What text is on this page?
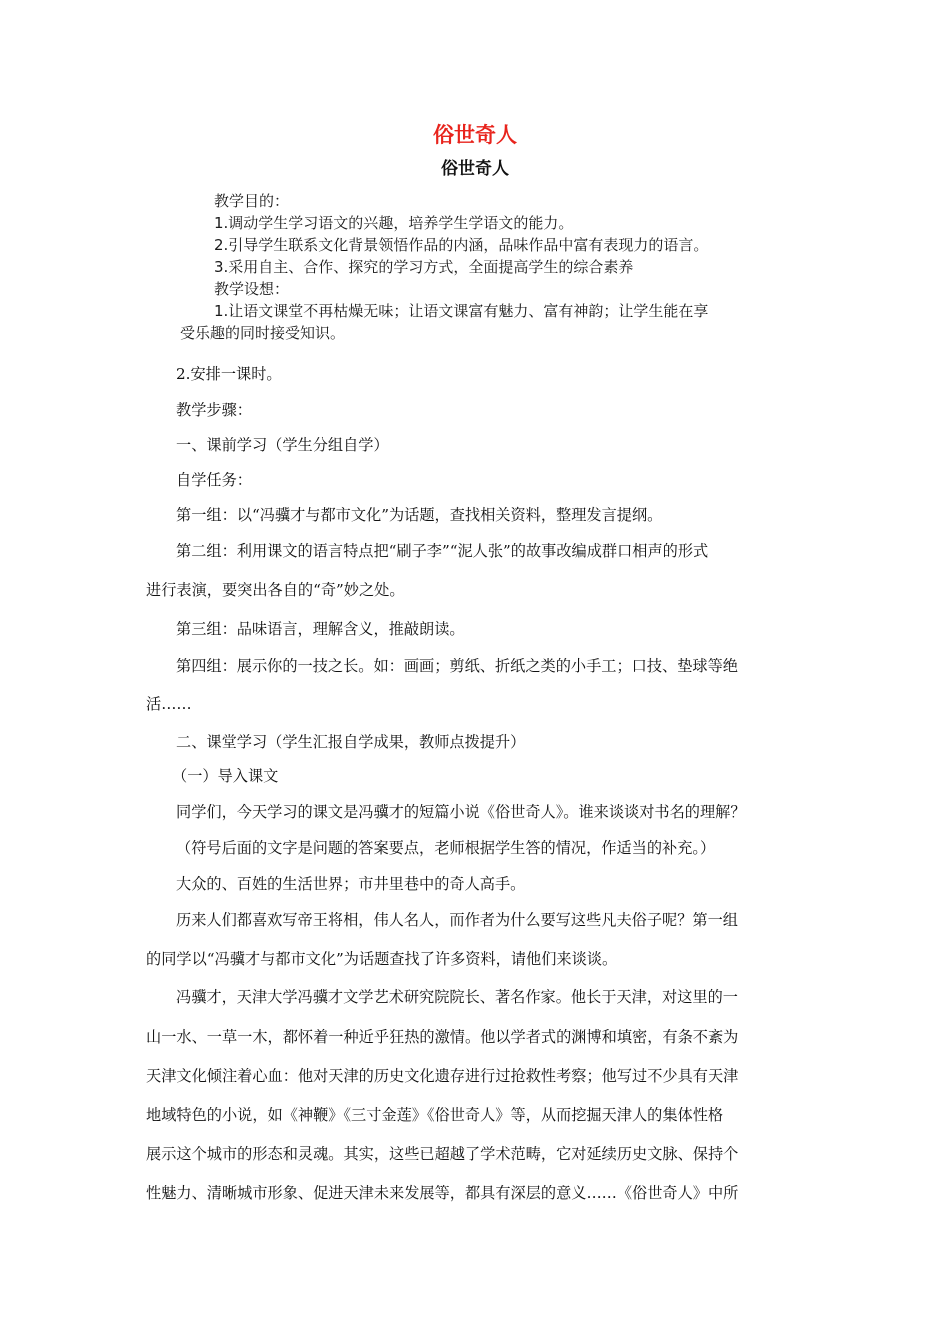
俗世奇人
俗世奇人
教学目的：
1.调动学生学习语文的兴趣，培养学生学语文的能力。
2.引导学生联系文化背景领悟作品的内涵，品味作品中富有表现力的语言。
3.采用自主、合作、探究的学习方式，全面提高学生的综合素养
教学设想：
1.让语文课堂不再枯燥无味；让语文课富有魅力、富有神韵；让学生能在享
受乐趣的同时接受知识。
2.安排一课时。
教学步骤：
一、课前学习（学生分组自学）
自学任务：
第一组：以“冯骥才与都市文化”为话题，查找相关资料，整理发言提纲。
第二组：利用课文的语言特点把“刷子李”“泥人张”的故事改编成群口相声的形式
进行表演，要突出各自的“奇”妙之处。
第三组：品味语言，理解含义，推敲朗读。
第四组：展示你的一技之长。如：画画；剪纸、折纸之类的小手工；口技、垫球等绝
活……
二、课堂学习（学生汇报自学成果，教师点拨提升）
（一）导入课文
同学们，今天学习的课文是冯骥才的短篇小说《俗世奇人》。谁来谈谈对书名的理解？
（符号后面的文字是问题的答案要点，老师根据学生答的情况，作适当的补充。）
大众的、百姓的生活世界；市井里巷中的奇人高手。
历来人们都喜欢写帝王将相，伟人名人，而作者为什么要写这些凡夫俗子呢？第一组
的同学以“冯骥才与都市文化”为话题查找了许多资料，请他们来谈谈。
冯骥才，天津大学冯骥才文学艺术研究院院长、著名作家。他长于天津，对这里的一
山一水、一草一木，都怀着一种近乎狂热的激情。他以学者式的渊博和填密，有条不紊为
天津文化倾注着心血：他对天津的历史文化遗存进行过抢救性考察；他写过不少具有天津
地域特色的小说，如《神鞭》《三寸金莲》《俗世奇人》等，从而挖掘天津人的集体性格
展示这个城市的形态和灵魂。其实，这些已超越了学术范畴，它对延续历史文脉、保持个
性魅力、清晰城市形象、促进天津未来发展等，都具有深层的意义……《俗世奇人》中所
